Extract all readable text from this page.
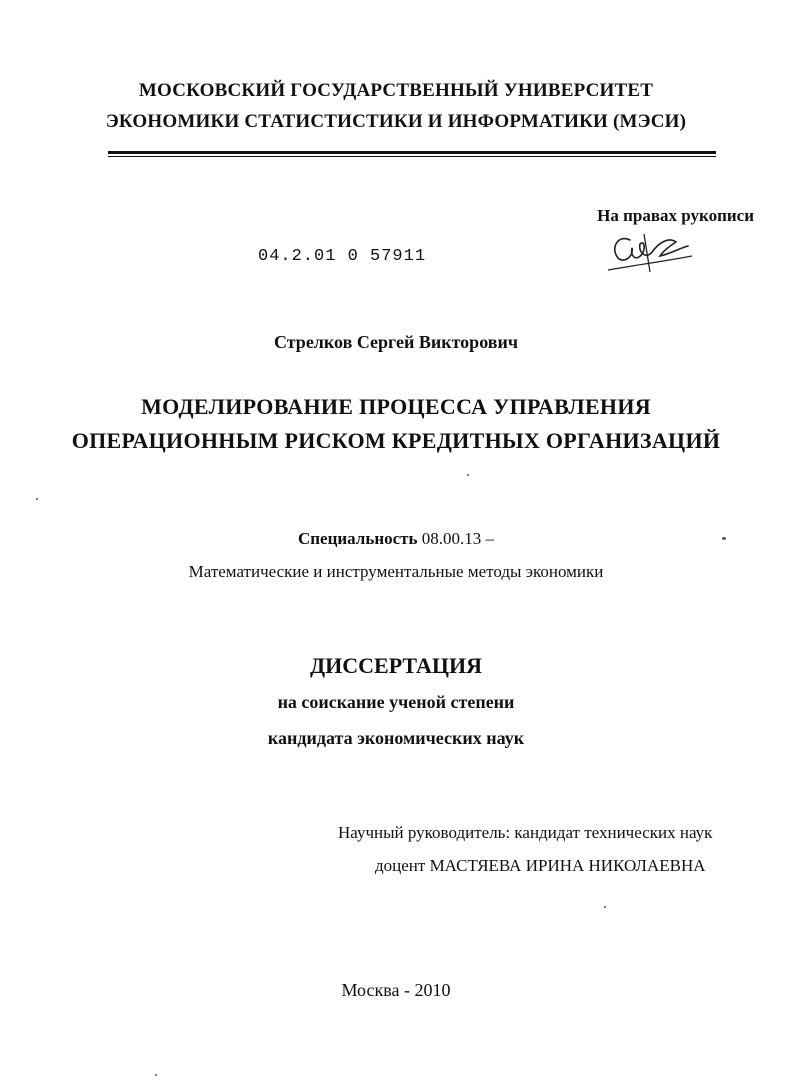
МОСКОВСКИЙ ГОСУДАРСТВЕННЫЙ УНИВЕРСИТЕТ
ЭКОНОМИКИ СТАТИСТИСТИКИ И ИНФОРМАТИКИ (МЭСИ)
На правах рукописи
04.2.01 0 57911
Стрелков Сергей Викторович
МОДЕЛИРОВАНИЕ ПРОЦЕССА УПРАВЛЕНИЯ
ОПЕРАЦИОННЫМ РИСКОМ КРЕДИТНЫХ ОРГАНИЗАЦИЙ
Специальность 08.00.13 –
Математические и инструментальные методы экономики
ДИССЕРТАЦИЯ
на соискание ученой степени
кандидата экономических наук
Научный руководитель: кандидат технических наук
доцент МАСТЯЕВА ИРИНА НИКОЛАЕВНА
Москва - 2010
